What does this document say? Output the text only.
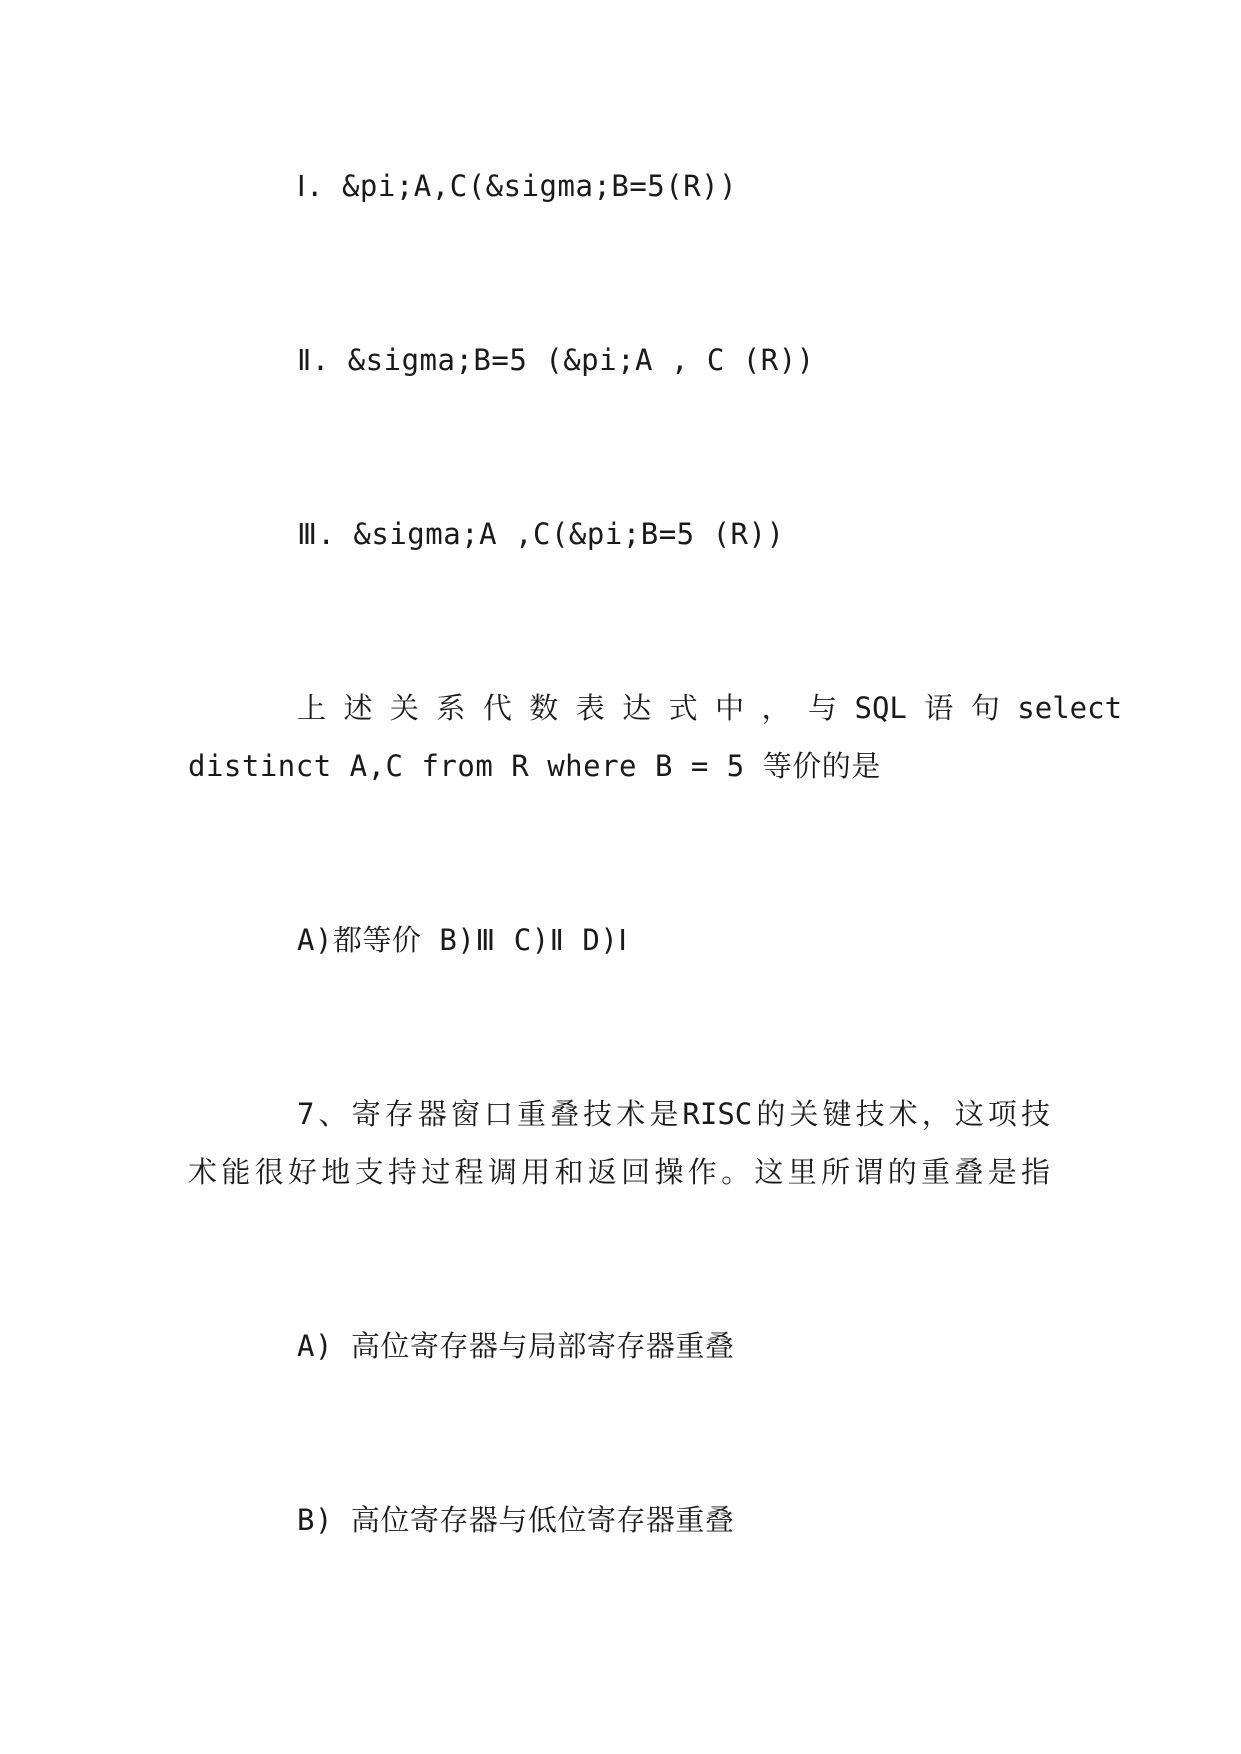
Ⅰ. &pi;A,C(&sigma;B=5(R))
Ⅱ. &sigma;B=5 (&pi;A , C (R))
Ⅲ. &sigma;A ,C(&pi;B=5 (R))
上 述 关 系 代 数 表 达 式 中 ， 与 SQL 语 句 select
distinct A,C from R where B = 5 等价的是
A)都等价 B)Ⅲ C)Ⅱ D)Ⅰ
7、寄存器窗口重叠技术是RISC的关键技术，这项技
术能很好地支持过程调用和返回操作。这里所谓的重叠是指
A) 高位寄存器与局部寄存器重叠
B) 高位寄存器与低位寄存器重叠
